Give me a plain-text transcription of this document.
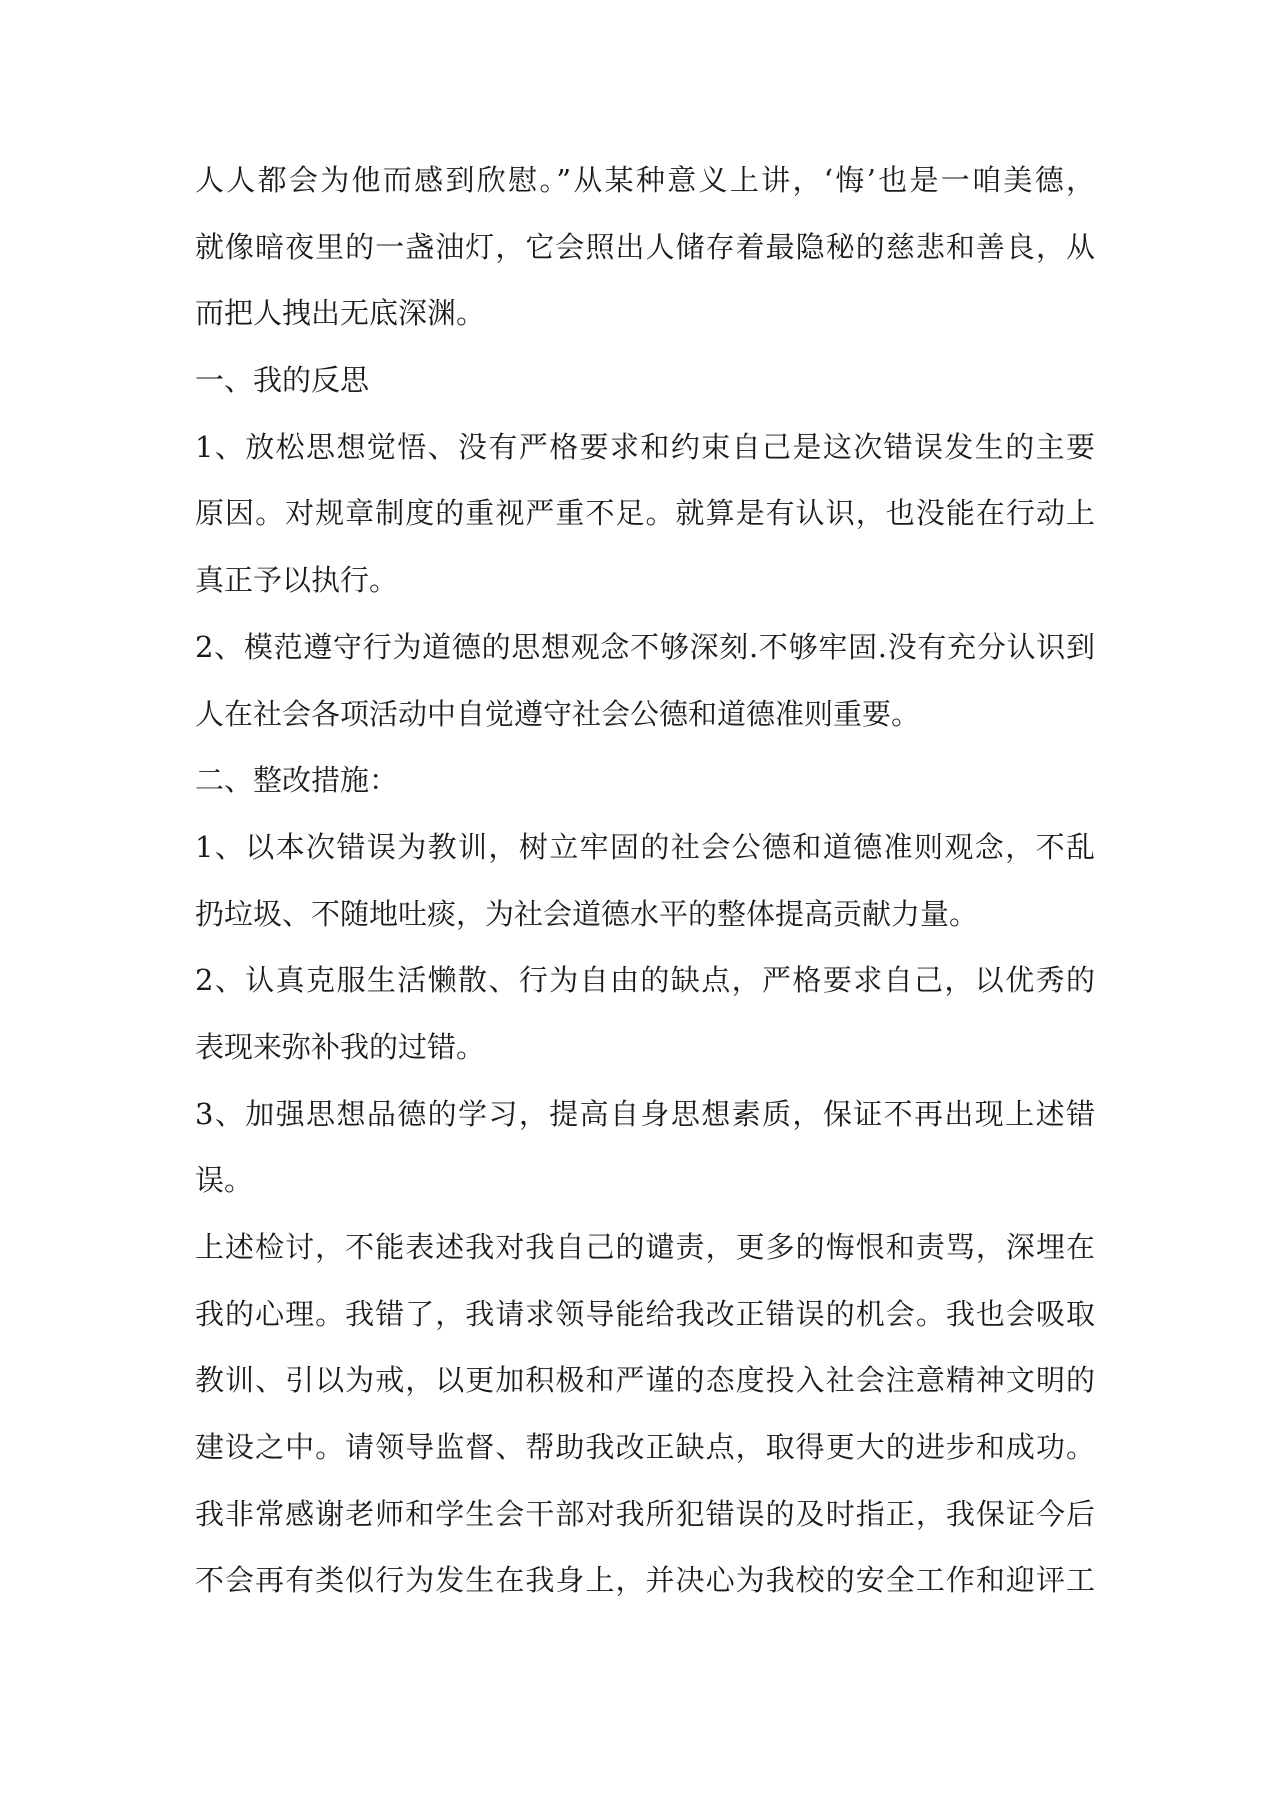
人人都会为他而感到欣慰。”从某种意义上讲，‘悔’也是一咱美德，
就像暗夜里的一盏油灯，它会照出人储存着最隐秘的慈悲和善良，从
而把人拽出无底深渊。
一、我的反思
1、放松思想觉悟、没有严格要求和约束自己是这次错误发生的主要
原因。对规章制度的重视严重不足。就算是有认识，也没能在行动上
真正予以执行。
2、模范遵守行为道德的思想观念不够深刻.不够牢固.没有充分认识到
人在社会各项活动中自觉遵守社会公德和道德准则重要。
二、整改措施：
1、以本次错误为教训，树立牢固的社会公德和道德准则观念，不乱
扔垃圾、不随地吐痰，为社会道德水平的整体提高贡献力量。
2、认真克服生活懒散、行为自由的缺点，严格要求自己，以优秀的
表现来弥补我的过错。
3、加强思想品德的学习，提高自身思想素质，保证不再出现上述错
误。
上述检讨，不能表述我对我自己的谴责，更多的悔恨和责骂，深埋在
我的心理。我错了，我请求领导能给我改正错误的机会。我也会吸取
教训、引以为戒，以更加积极和严谨的态度投入社会注意精神文明的
建设之中。请领导监督、帮助我改正缺点，取得更大的进步和成功。
我非常感谢老师和学生会干部对我所犯错误的及时指正，我保证今后
不会再有类似行为发生在我身上，并决心为我校的安全工作和迎评工
